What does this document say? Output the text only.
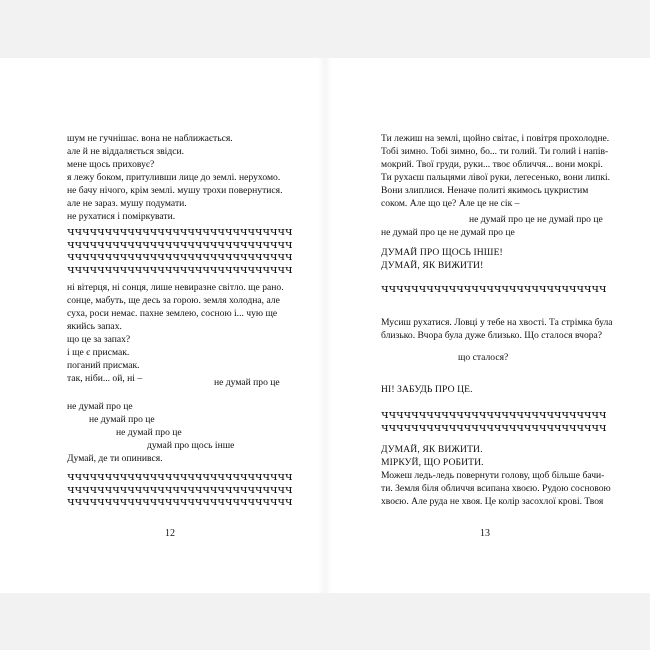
шум не гучнішає. вона не наближається.
але й не віддаляється звідси.
мене щось приховує?
я лежу боком, притуливши лице до землі. нерухомо.
не бачу нічого, крім землі. мушу трохи повернутися.
але не зараз. мушу подумати.
не рухатися і поміркувати.
чччччччччччччччччччччччччччччч
чччччччччччччччччччччччччччччч
чччччччччччччччччччччччччччччч
чччччччччччччччччччччччччччччч
ні вітерця, ні сонця, лише невиразне світло. ще рано.
сонце, мабуть, ще десь за горою. земля холодна, але
суха, роси немає. пахне землею, сосною і... чую ще
якийсь запах.
що це за запах?
і ще є присмак.
поганий присмак.
так, ніби... ой, ні –	не думай про це
не думай про це
не думай про це
не думай про це
думай про щось інше
Думай, де ти опинився.
чччччччччччччччччччччччччччччч
чччччччччччччччччччччччччччччч
чччччччччччччччччччччччччччччч
12
Ти лежиш на землі, щойно світає, і повітря прохолодне.
Тобі зимно. Тобі зимно, бо... ти голий. Ти голий і напів-
мокрий. Твої груди, руки... твоє обличчя... вони мокрі.
Ти рухаєш пальцями лівої руки, легесенько, вони липкі.
Вони злиплися. Неначе политі якимось цукристим
соком. Але що це? Але це не сік –
не думай про це не думай про це
не думай про це не думай про це
ДУМАЙ ПРО ЩОСЬ ІНШЕ!
ДУМАЙ, ЯК ВИЖИТИ!
чччччччччччччччччччччччччччччч
Мусиш рухатися. Ловці у тебе на хвості. Та стрімка була
близько. Вчора була дуже близько. Що сталося вчора?
що сталося?
НІ! ЗАБУДЬ ПРО ЦЕ.
чччччччччччччччччччччччччччччч
чччччччччччччччччччччччччччччч
ДУМАЙ, ЯК ВИЖИТИ.
МІРКУЙ, ЩО РОБИТИ.
Можеш ледь-ледь повернути голову, щоб більше бачи-
ти. Земля біля обличчя всипана хвоєю. Рудою сосновою
хвоєю. Але руда не хвоя. Це колір засохлої крові. Твоя
13
